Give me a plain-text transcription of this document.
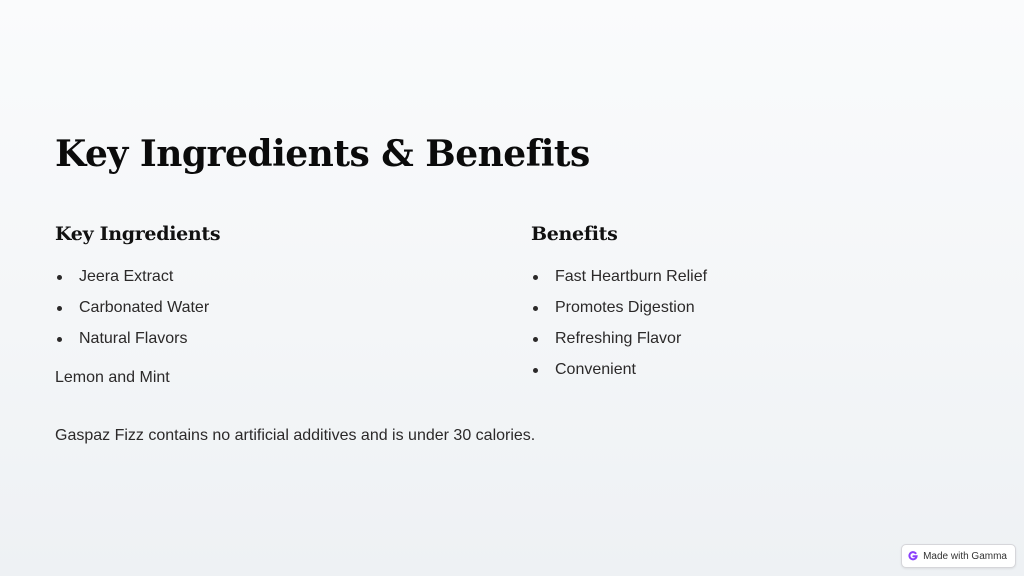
Key Ingredients & Benefits
Key Ingredients
Jeera Extract
Carbonated Water
Natural Flavors

Lemon and Mint

Benefits
Fast Heartburn Relief
Promotes Digestion
Refreshing Flavor
Convenient

Gaspaz Fizz contains no artificial additives and is under 30 calories.

Made with Gamma
